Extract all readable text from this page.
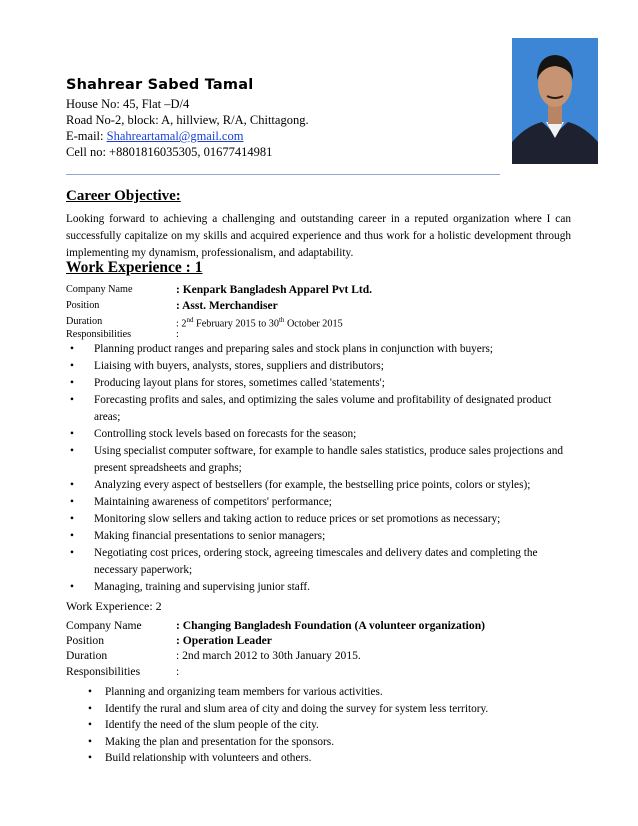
Shahrear Sabed Tamal
House No: 45, Flat –D/4
Road No-2, block: A, hillview, R/A, Chittagong.
E-mail: Shahreartamal@gmail.com
Cell no: +8801816035305, 01677414981
Career Objective:
Looking forward to achieving a challenging and outstanding career in a reputed organization where I can successfully capitalize on my skills and acquired experience and thus work for a holistic development through implementing my dynamism, professionalism, and adaptability.
Work Experience : 1
Company Name	: Kenpark Bangladesh Apparel Pvt Ltd.
Position	: Asst. Merchandiser
Duration	: 2nd February 2015 to 30th October 2015
Responsibilities	:
• Planning product ranges and preparing sales and stock plans in conjunction with buyers;
• Liaising with buyers, analysts, stores, suppliers and distributors;
• Producing layout plans for stores, sometimes called 'statements';
• Forecasting profits and sales, and optimizing the sales volume and profitability of designated product areas;
• Controlling stock levels based on forecasts for the season;
• Using specialist computer software, for example to handle sales statistics, produce sales projections and present spreadsheets and graphs;
• Analyzing every aspect of bestsellers (for example, the bestselling price points, colors or styles);
• Maintaining awareness of competitors' performance;
• Monitoring slow sellers and taking action to reduce prices or set promotions as necessary;
• Making financial presentations to senior managers;
• Negotiating cost prices, ordering stock, agreeing timescales and delivery dates and completing the necessary paperwork;
• Managing, training and supervising junior staff.
Work Experience: 2
Company Name	: Changing Bangladesh Foundation (A volunteer organization)
Position	: Operation Leader
Duration	: 2nd march 2012 to 30th January 2015.
Responsibilities	:
• Planning and organizing team members for various activities.
• Identify the rural and slum area of city and doing the survey for system less territory.
• Identify the need of the slum people of the city.
• Making the plan and presentation for the sponsors.
• Build relationship with volunteers and others.
